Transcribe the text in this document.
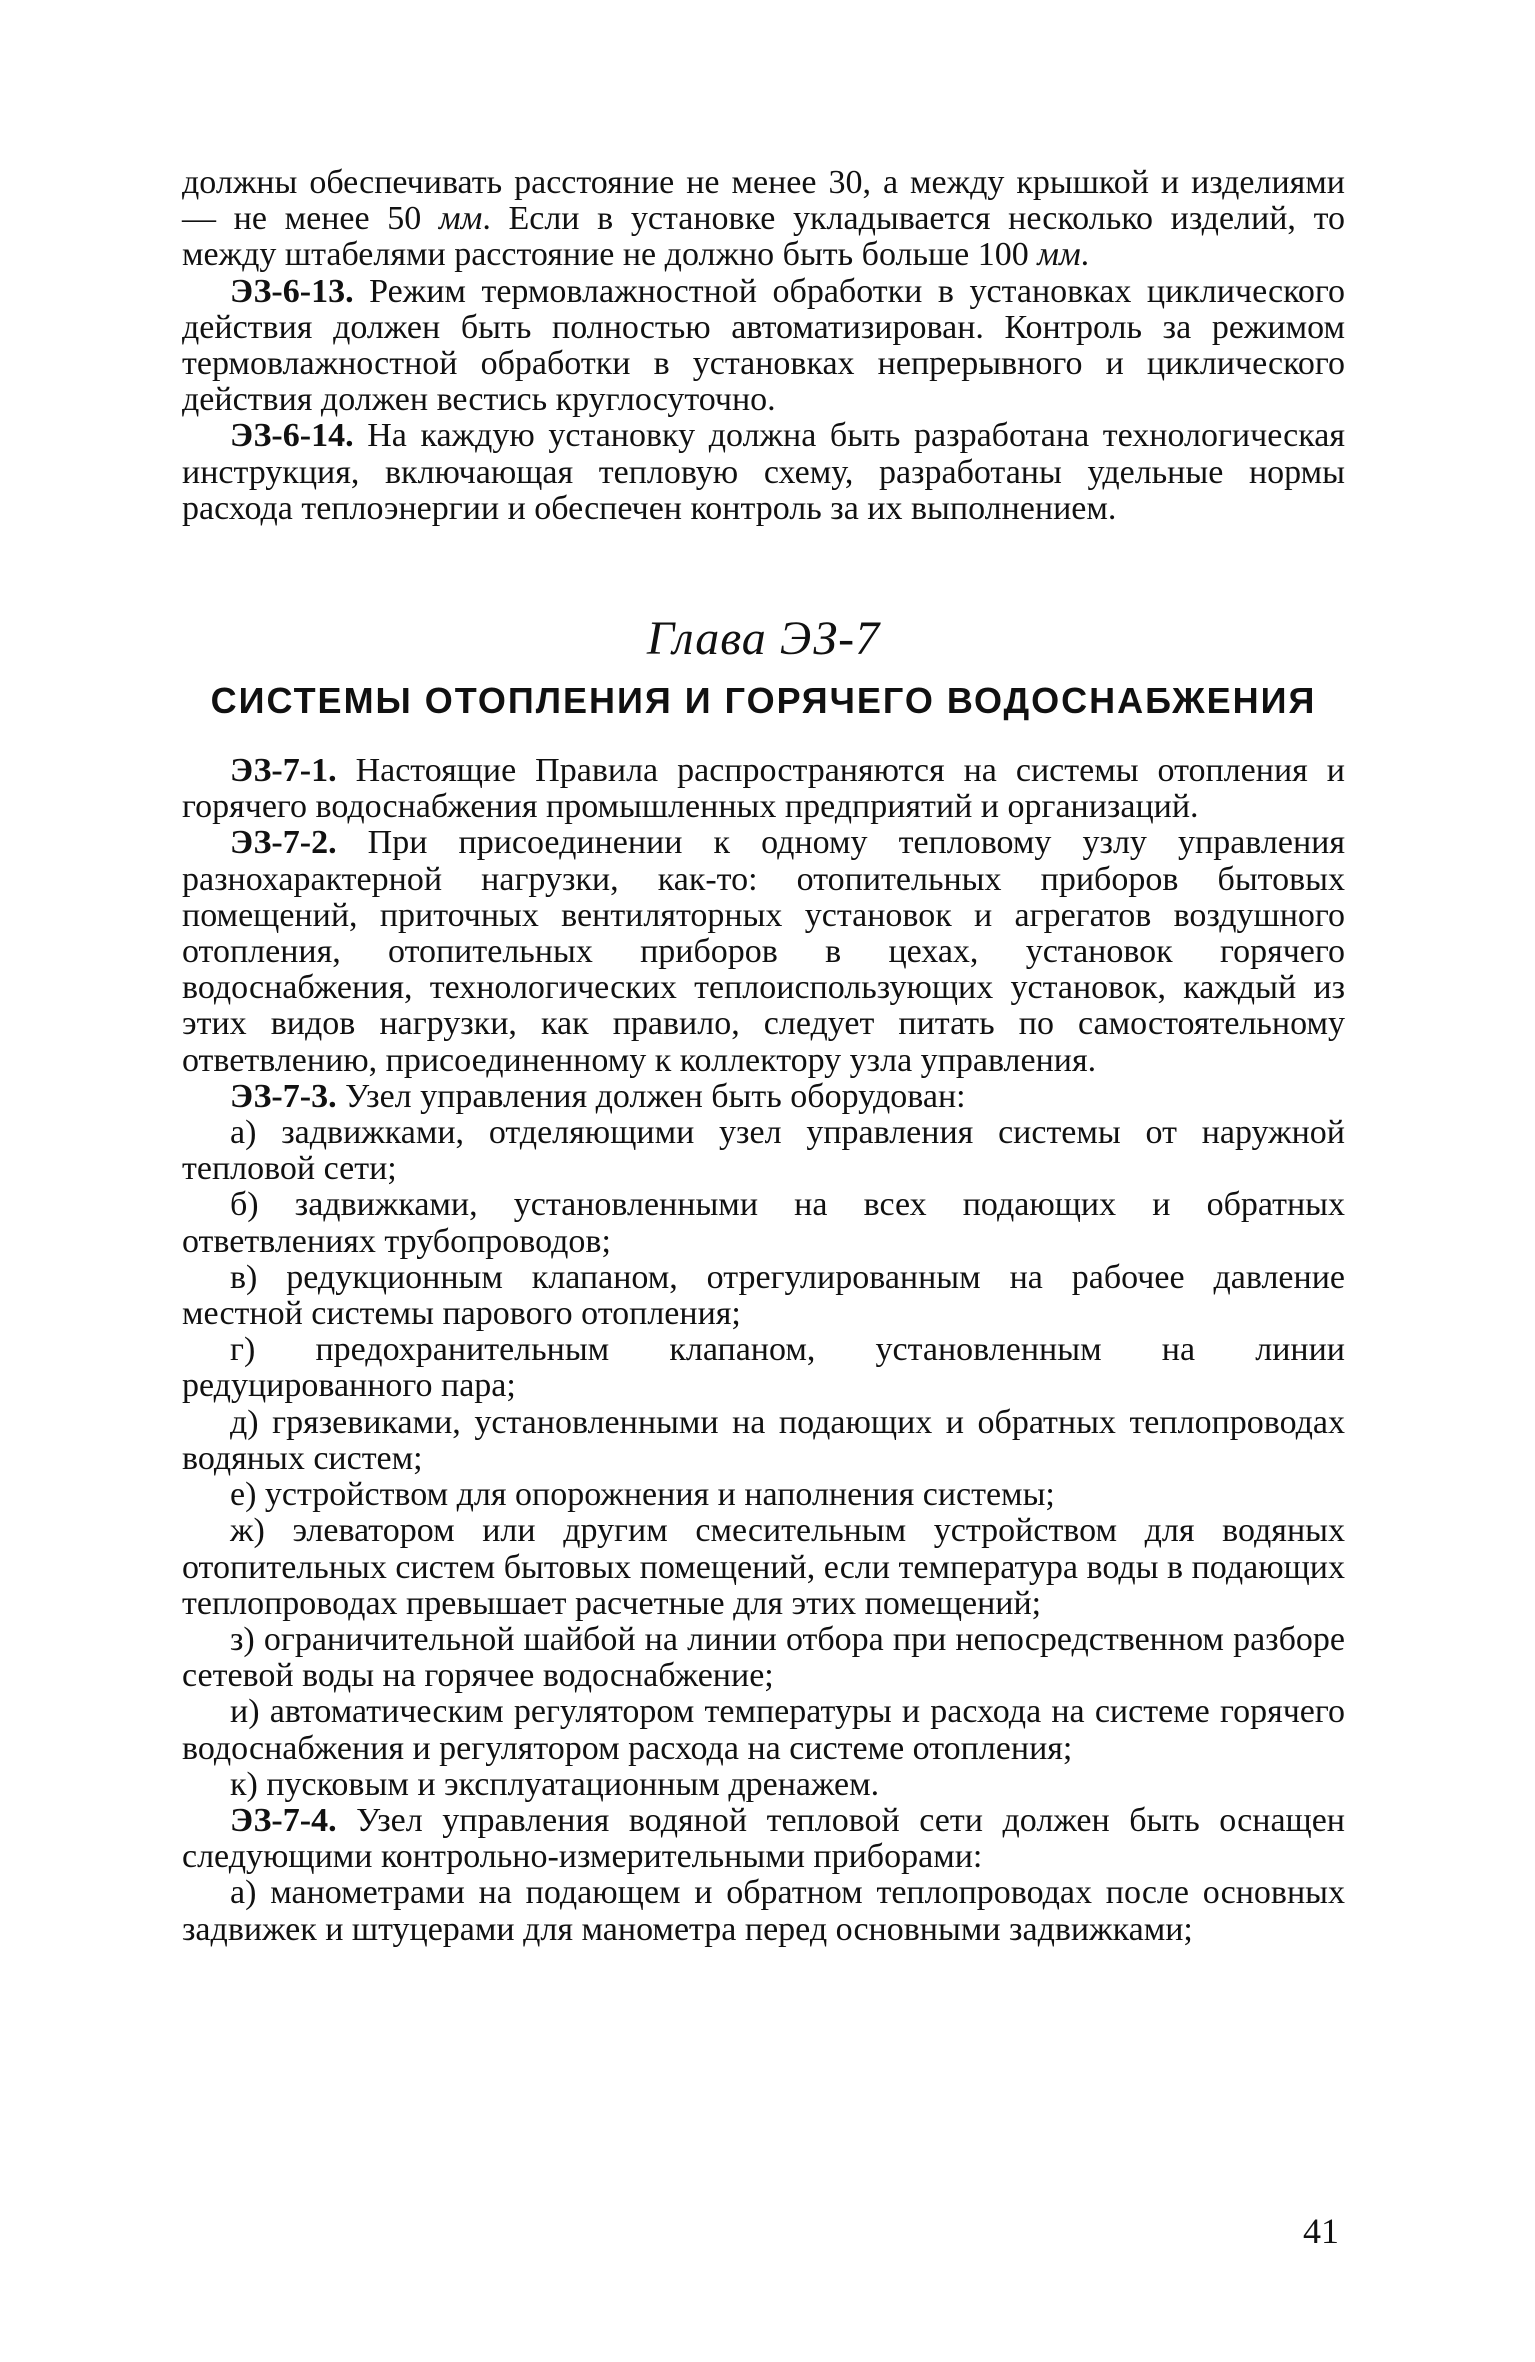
должны обеспечивать расстояние не менее 30, а между крышкой и изделиями — не менее 50 мм. Если в установке укладывается несколько изделий, то между штабелями расстояние не должно быть больше 100 мм.

ЭЗ-6-13. Режим термовлажностной обработки в установках циклического действия должен быть полностью автоматизирован. Контроль за режимом термовлажностной обработки в установках непрерывного и циклического действия должен вестись круглосуточно.

ЭЗ-6-14. На каждую установку должна быть разработана технологическая инструкция, включающая тепловую схему, разработаны удельные нормы расхода теплоэнергии и обеспечен контроль за их выполнением.

Глава ЭЗ-7
СИСТЕМЫ ОТОПЛЕНИЯ И ГОРЯЧЕГО ВОДОСНАБЖЕНИЯ

ЭЗ-7-1. Настоящие Правила распространяются на системы отопления и горячего водоснабжения промышленных предприятий и организаций.

ЭЗ-7-2. При присоединении к одному тепловому узлу управления разнохарактерной нагрузки, как-то: отопительных приборов бытовых помещений, приточных вентиляторных установок и агрегатов воздушного отопления, отопительных приборов в цехах, установок горячего водоснабжения, технологических теплоиспользующих установок, каждый из этих видов нагрузки, как правило, следует питать по самостоятельному ответвлению, присоединенному к коллектору узла управления.

ЭЗ-7-3. Узел управления должен быть оборудован:

а) задвижками, отделяющими узел управления системы от наружной тепловой сети;

б) задвижками, установленными на всех подающих и обратных ответвлениях трубопроводов;

в) редукционным клапаном, отрегулированным на рабочее давление местной системы парового отопления;

г) предохранительным клапаном, установленным на линии редуцированного пара;

д) грязевиками, установленными на подающих и обратных теплопроводах водяных систем;

е) устройством для опорожнения и наполнения системы;

ж) элеватором или другим смесительным устройством для водяных отопительных систем бытовых помещений, если температура воды в подающих теплопроводах превышает расчетные для этих помещений;

з) ограничительной шайбой на линии отбора при непосредственном разборе сетевой воды на горячее водоснабжение;

и) автоматическим регулятором температуры и расхода на системе горячего водоснабжения и регулятором расхода на системе отопления;

к) пусковым и эксплуатационным дренажем.

ЭЗ-7-4. Узел управления водяной тепловой сети должен быть оснащен следующими контрольно-измерительными приборами:

а) манометрами на подающем и обратном теплопроводах после основных задвижек и штуцерами для манометра перед основными задвижками;

41
